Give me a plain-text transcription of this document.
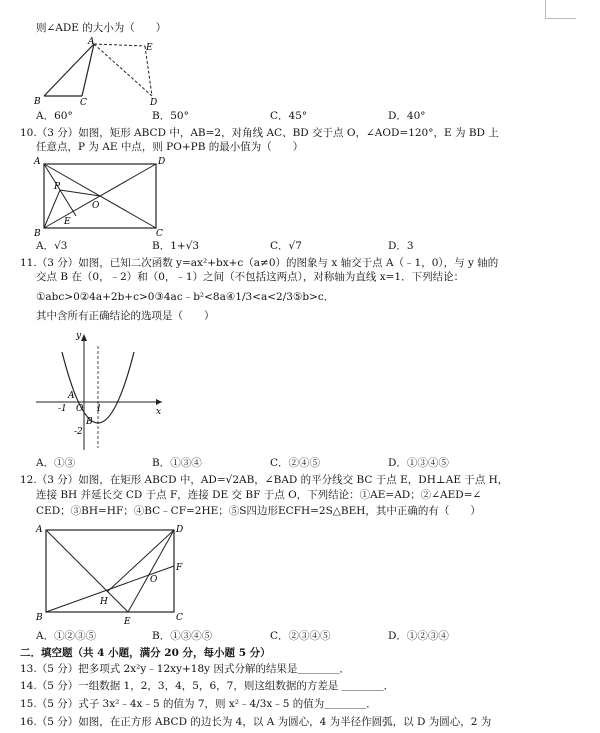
则∠ADE 的大小为（　　）
A
E
B	C	D
A．60°	B．50°	C．45°	D．40°
10.（3 分）如图，矩形 ABCD 中，AB=2，对角线 AC、BD 交于点 O，∠AOD=120°，E 为 BD 上
任意点，P 为 AE 中点，则 PO+PB 的最小值为（　　）
A	D
P
O
E
B	C
A．√3	B．1+√3	C．√7	D．3
11.（3 分）如图，已知二次函数 y=ax²+bx+c（a≠0）的图象与 x 轴交于点 A（﹣1，0），与 y 轴的
交点 B 在（0，﹣2）和（0，﹣1）之间（不包括这两点），对称轴为直线 x=1．下列结论：
①abc>0②4a+2b+c>0③4ac﹣b²<8a④1/3<a<2/3⑤b>c．
其中含所有正确结论的选项是（　　）
y
x
-1 O 1
A
B
-2
A．①③	B．①③④	C．②④⑤	D．①③④⑤
12.（3 分）如图，在矩形 ABCD 中，AD=√2AB，∠BAD 的平分线交 BC 于点 E，DH⊥AE 于点 H，
连接 BH 并延长交 CD 于点 F，连接 DE 交 BF 于点 O，下列结论：①AE=AD；②∠AED=∠
CED；③BH=HF；④BC﹣CF=2HE；⑤S四边形ECFH=2S△BEH，其中正确的有（　　）
A	D
F
O
H
B	E	C
A．①②③⑤	B．①③④⑤	C．②③④⑤	D．①②③④
二．填空题（共 4 小题，满分 20 分，每小题 5 分）
13.（5 分）把多项式 2x²y﹣12xy+18y 因式分解的结果是＿＿＿＿．
14.（5 分）一组数据 1，2，3，4，5，6，7，则这组数据的方差是 ＿＿＿＿．
15.（5 分）式子 3x²﹣4x﹣5 的值为 7，则 x²﹣4/3x﹣5 的值为＿＿＿＿．
16.（5 分）如图，在正方形 ABCD 的边长为 4，以 A 为圆心，4 为半径作圆弧，以 D 为圆心，2 为
